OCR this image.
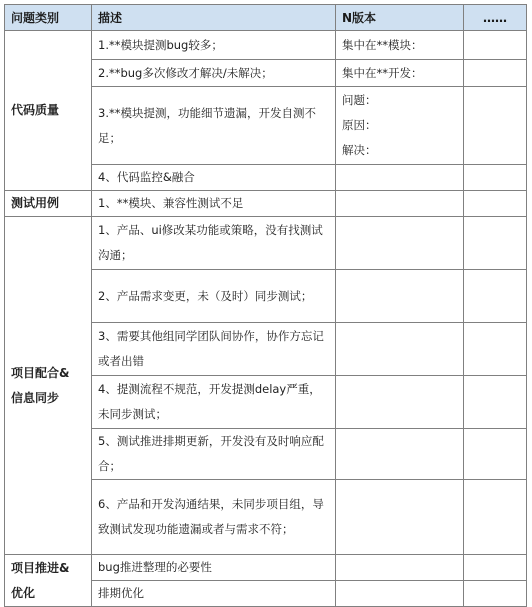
问题类别	描述	N版本	……
代码质量	1.**模块提测bug较多；	集中在**模块：	
	2.**bug多次修改才解决/未解决；	集中在**开发：	
	3.**模块提测，功能细节遗漏，开发自测不足；	问题：
原因：
解决：	

	4、代码监控&融合		
测试用例	1、**模块、兼容性测试不足		

项目配合&
信息同步	1、产品、ui修改某功能或策略，没有找测试沟通；		
	2、产品需求变更，未（及时）同步测试；		
	3、需要其他组同学团队间协作，协作方忘记或者出错		
	4、提测流程不规范，开发提测delay严重，未同步测试；		
	5、测试推进排期更新，开发没有及时响应配合；		
	6、产品和开发沟通结果，未同步项目组，导致测试发现功能遗漏或者与需求不符；		

项目推进&
优化	bug推进整理的必要性		
	排期优化		
